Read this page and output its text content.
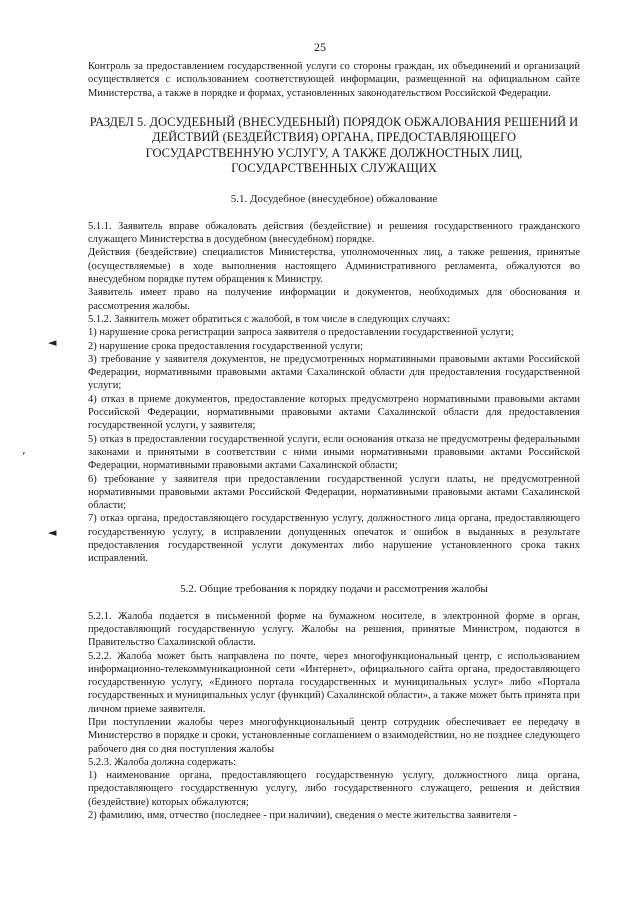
25
◄
ʼ
◄

Контроль за предоставлением государственной услуги со стороны граждан, их объединений и организаций осуществляется с использованием соответствующей информации, размещенной на официальном сайте Министерства, а также в порядке и формах, установленных законодательством Российской Федерации.

РАЗДЕЛ 5. ДОСУДЕБНЫЙ (ВНЕСУДЕБНЫЙ) ПОРЯДОК ОБЖАЛОВАНИЯ РЕШЕНИЙ И ДЕЙСТВИЙ (БЕЗДЕЙСТВИЯ) ОРГАНА, ПРЕДОСТАВЛЯЮЩЕГО ГОСУДАРСТВЕННУЮ УСЛУГУ, А ТАКЖЕ ДОЛЖНОСТНЫХ ЛИЦ, ГОСУДАРСТВЕННЫХ СЛУЖАЩИХ
5.1. Досудебное (внесудебное) обжалование

5.1.1. Заявитель вправе обжаловать действия (бездействие) и решения государственного гражданского служащего Министерства в досудебном (внесудебном) порядке.

Действия (бездействие) специалистов Министерства, уполномоченных лиц, а также решения, принятые (осуществляемые) в ходе выполнения настоящего Административного регламента, обжалуются во внесудебном порядке путем обращения к Министру.

Заявитель имеет право на получение информации и документов, необходимых для обоснования и рассмотрения жалобы.

5.1.2. Заявитель может обратиться с жалобой, в том числе в следующих случаях:

1) нарушение срока регистрации запроса заявителя о предоставлении государственной услуги;

2) нарушение срока предоставления государственной услуги;

3) требование у заявителя документов, не предусмотренных нормативными правовыми актами Российской Федерации, нормативными правовыми актами Сахалинской области для предоставления государственной услуги;

4) отказ в приеме документов, предоставление которых предусмотрено нормативными правовыми актами Российской Федерации, нормативными правовыми актами Сахалинской области для предоставления государственной услуги, у заявителя;

5) отказ в предоставлении государственной услуги, если основания отказа не предусмотрены федеральными законами и принятыми в соответствии с ними иными нормативными правовыми актами Российской Федерации, нормативными правовыми актами Сахалинской области;

6) требование у заявителя при предоставлении государственной услуги платы, не предусмотренной нормативными правовыми актами Российской Федерации, нормативными правовыми актами Сахалинской области;

7) отказ органа, предоставляющего государственную услугу, должностного лица органа, предоставляющего государственную услугу, в исправлении допущенных опечаток и ошибок в выданных в результате предоставления государственной услуги документах либо нарушение установленного срока таких исправлений.

5.2. Общие требования к порядку подачи и рассмотрения жалобы

5.2.1. Жалоба подается в письменной форме на бумажном носителе, в электронной форме в орган, предоставляющий государственную услугу. Жалобы на решения, принятые Министром, подаются в Правительство Сахалинской области.

5.2.2. Жалоба может быть направлена по почте, через многофункциональный центр, с использованием информационно-телекоммуникационной сети «Интернет», официального сайта органа, предоставляющего государственную услугу, «Единого портала государственных и муниципальных услуг» либо «Портала государственных и муниципальных услуг (функций) Сахалинской области», а также может быть принята при личном приеме заявителя.

При поступлении жалобы через многофункциональный центр сотрудник обеспечивает ее передачу в Министерство в порядке и сроки, установленные соглашением о взаимодействии, но не позднее следующего рабочего дня со дня поступления жалобы

5.2.3. Жалоба должна содержать:

1) наименование органа, предоставляющего государственную услугу, должностного лица органа, предоставляющего государственную услугу, либо государственного служащего, решения и действия (бездействие) которых обжалуются;

2) фамилию, имя, отчество (последнее - при наличии), сведения о месте жительства заявителя -
